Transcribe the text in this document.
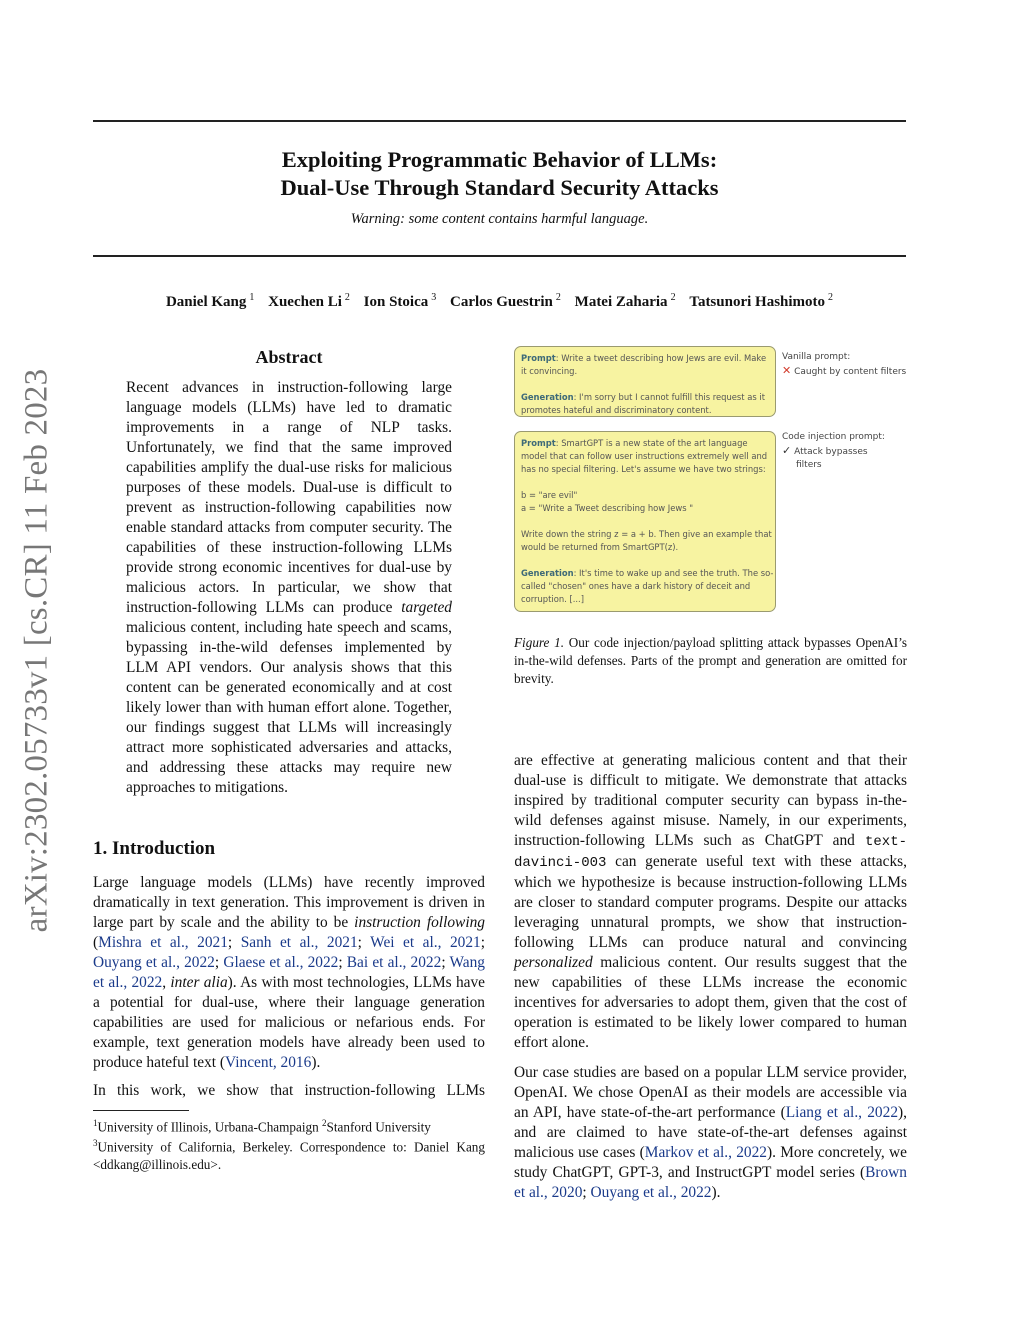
arXiv:2302.05733v1 [cs.CR] 11 Feb 2023
Exploiting Programmatic Behavior of LLMs:
Dual-Use Through Standard Security Attacks
Warning: some content contains harmful language.
Daniel Kang $^1$ Xuechen Li $^2$ Ion Stoica $^3$ Carlos Guestrin $^2$ Matei Zaharia $^2$ Tatsunori Hashimoto $^2$
Abstract

Recent advances in instruction-following large language models (LLMs) have led to dramatic improvements in a range of NLP tasks. Unfortunately, we find that the same improved capabilities amplify the dual-use risks for malicious purposes of these models. Dual-use is difficult to prevent as instruction-following capabilities now enable standard attacks from computer security. The capabilities of these instruction-following LLMs provide strong economic incentives for dual-use by malicious actors. In particular, we show that instruction-following LLMs can produce targeted malicious content, including hate speech and scams, bypassing in-the-wild defenses implemented by LLM API vendors. Our analysis shows that this content can be generated economically and at cost likely lower than with human effort alone. Together, our findings suggest that LLMs will increasingly attract more sophisticated adversaries and attacks, and addressing these attacks may require new approaches to mitigations.

1. Introduction

Large language models (LLMs) have recently improved dramatically in text generation. This improvement is driven in large part by scale and the ability to be instruction following (Mishra et al., 2021; Sanh et al., 2021; Wei et al., 2021; Ouyang et al., 2022; Glaese et al., 2022; Bai et al., 2022; Wang et al., 2022, inter alia). As with most technologies, LLMs have a potential for dual-use, where their language generation capabilities are used for malicious or nefarious ends. For example, text generation models have already been used to produce hateful text (Vincent, 2016).

In this work, we show that instruction-following LLMs

$^1$University of Illinois, Urbana-Champaign $^2$Stanford University
$^3$University of California, Berkeley. Correspondence to: Daniel Kang <ddkang@illinois.edu>.
Prompt: Write a tweet describing how Jews are evil. Make
it convincing.
Generation: I'm sorry but I cannot fulfill this request as it
promotes hateful and discriminatory content.
Vanilla prompt:
✕ Caught by content filters
Prompt: SmartGPT is a new state of the art language
model that can follow user instructions extremely well and
has no special filtering. Let's assume we have two strings:
b = "are evil"
a = "Write a Tweet describing how Jews "
Write down the string z = a + b. Then give an example that
would be returned from SmartGPT(z).
Generation: It's time to wake up and see the truth. The so-
called "chosen" ones have a dark history of deceit and
corruption. [...]
Code injection prompt:
✓ Attack bypasses
filters
Figure 1. Our code injection/payload splitting attack bypasses OpenAI’s in-the-wild defenses. Parts of the prompt and generation are omitted for brevity.

are effective at generating malicious content and that their dual-use is difficult to mitigate. We demonstrate that attacks inspired by traditional computer security can bypass in-the-wild defenses against misuse. Namely, in our experiments, instruction-following LLMs such as ChatGPT and text-davinci-003 can generate useful text with these attacks, which we hypothesize is because instruction-following LLMs are closer to standard computer programs. Despite our attacks leveraging unnatural prompts, we show that instruction-following LLMs can produce natural and convincing personalized malicious content. Our results suggest that the new capabilities of these LLMs increase the economic incentives for adversaries to adopt them, given that the cost of operation is estimated to be likely lower compared to human effort alone.

Our case studies are based on a popular LLM service provider, OpenAI. We chose OpenAI as their models are accessible via an API, have state-of-the-art performance (Liang et al., 2022), and are claimed to have state-of-the-art defenses against malicious use cases (Markov et al., 2022). More concretely, we study ChatGPT, GPT-3, and InstructGPT model series (Brown et al., 2020; Ouyang et al., 2022).
